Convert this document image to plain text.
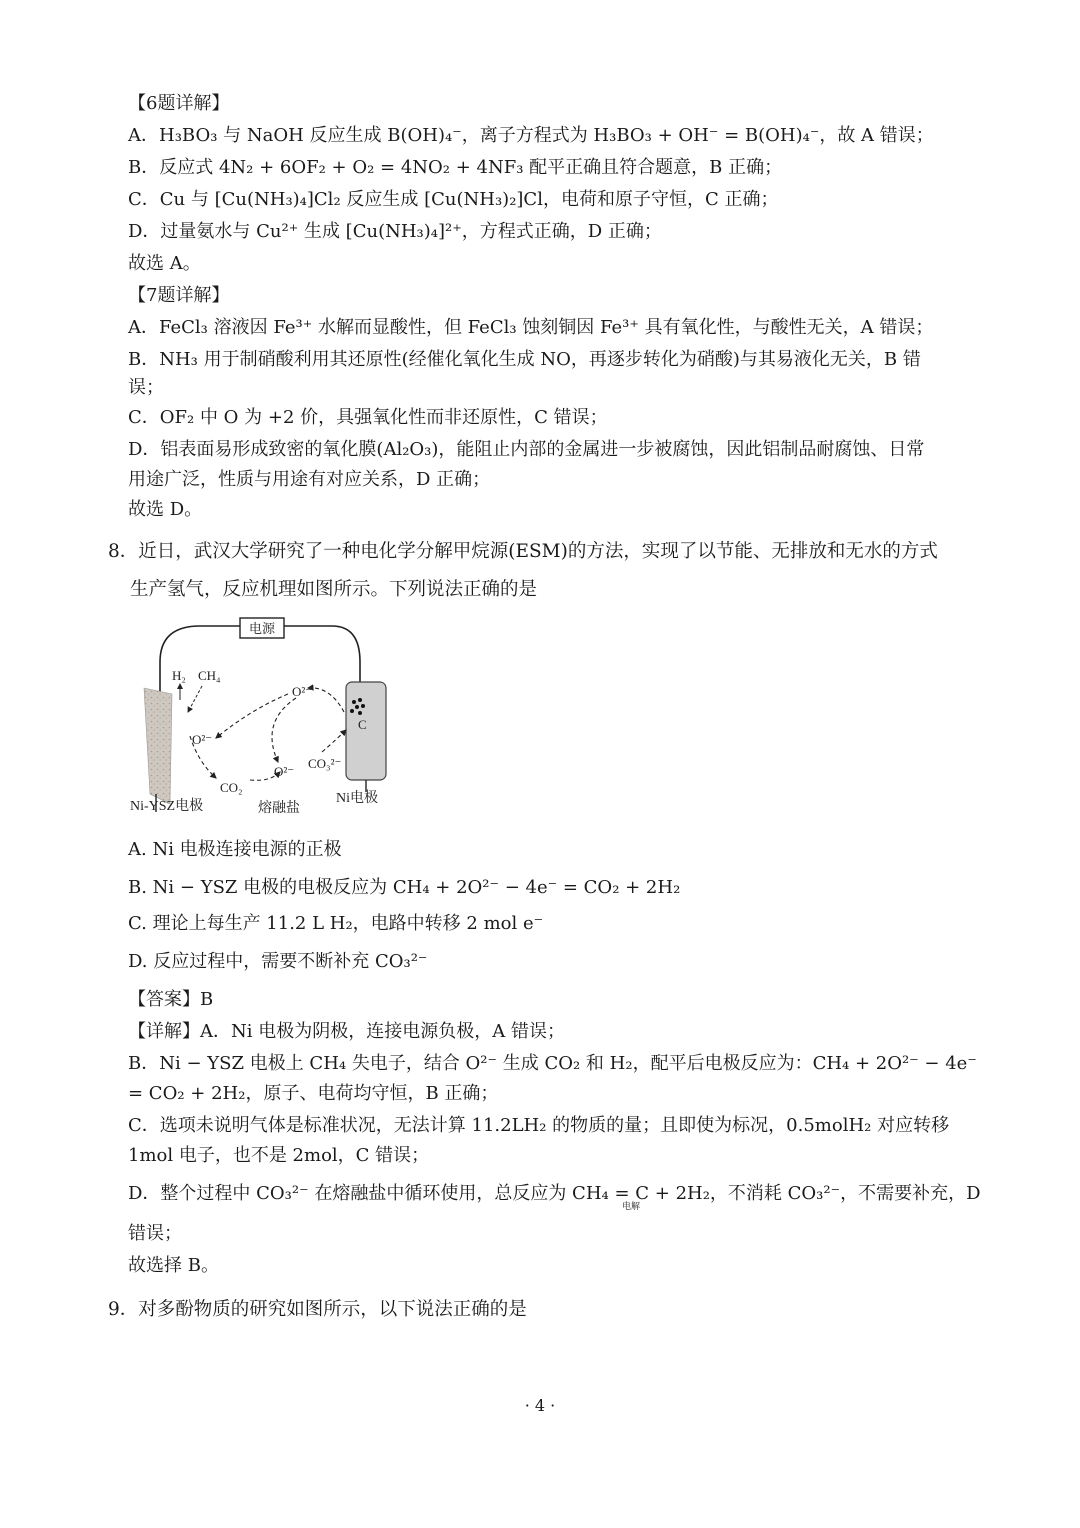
【6题详解】
A．H₃BO₃ 与 NaOH 反应生成 B(OH)₄⁻，离子方程式为 H₃BO₃ + OH⁻ = B(OH)₄⁻，故 A 错误；
B．反应式 4N₂ + 6OF₂ + O₂ = 4NO₂ + 4NF₃ 配平正确且符合题意，B 正确；
C．Cu 与 [Cu(NH₃)₄]Cl₂ 反应生成 [Cu(NH₃)₂]Cl，电荷和原子守恒，C 正确；
D．过量氨水与 Cu²⁺ 生成 [Cu(NH₃)₄]²⁺，方程式正确，D 正确；
故选 A。
【7题详解】
A．FeCl₃ 溶液因 Fe³⁺ 水解而显酸性，但 FeCl₃ 蚀刻铜因 Fe³⁺ 具有氧化性，与酸性无关，A 错误；
B．NH₃ 用于制硝酸利用其还原性(经催化氧化生成 NO，再逐步转化为硝酸)与其易液化无关，B 错
误；
C．OF₂ 中 O 为 +2 价，具强氧化性而非还原性，C 错误；
D．铝表面易形成致密的氧化膜(Al₂O₃)，能阻止内部的金属进一步被腐蚀，因此铝制品耐腐蚀、日常
用途广泛，性质与用途有对应关系，D 正确；
故选 D。
8．近日，武汉大学研究了一种电化学分解甲烷源(ESM)的方法，实现了以节能、无排放和无水的方式
生产氢气，反应机理如图所示。下列说法正确的是
电源
C
H₂ CH₄
O²⁻
O²⁻
O²⁻
CO₂
CO₃²⁻
Ni-YSZ电极	熔融盐
Ni电极
A. Ni 电极连接电源的正极
B. Ni − YSZ 电极的电极反应为 CH₄ + 2O²⁻ − 4e⁻ = CO₂ + 2H₂
C. 理论上每生产 11.2 L H₂，电路中转移 2 mol e⁻
D. 反应过程中，需要不断补充 CO₃²⁻
【答案】B
【详解】A．Ni 电极为阴极，连接电源负极，A 错误；
B．Ni − YSZ 电极上 CH₄ 失电子，结合 O²⁻ 生成 CO₂ 和 H₂，配平后电极反应为：CH₄ + 2O²⁻ − 4e⁻
= CO₂ + 2H₂，原子、电荷均守恒，B 正确；
C．选项未说明气体是标准状况，无法计算 11.2LH₂ 的物质的量；且即使为标况，0.5molH₂ 对应转移
1mol 电子，也不是 2mol，C 错误；
D．整个过程中 CO₃²⁻ 在熔融盐中循环使用，总反应为 CH₄ = C + 2H₂，不消耗 CO₃²⁻，不需要补充，D
电解
错误；
故选择 B。
9．对多酚物质的研究如图所示，以下说法正确的是
· 4 ·
